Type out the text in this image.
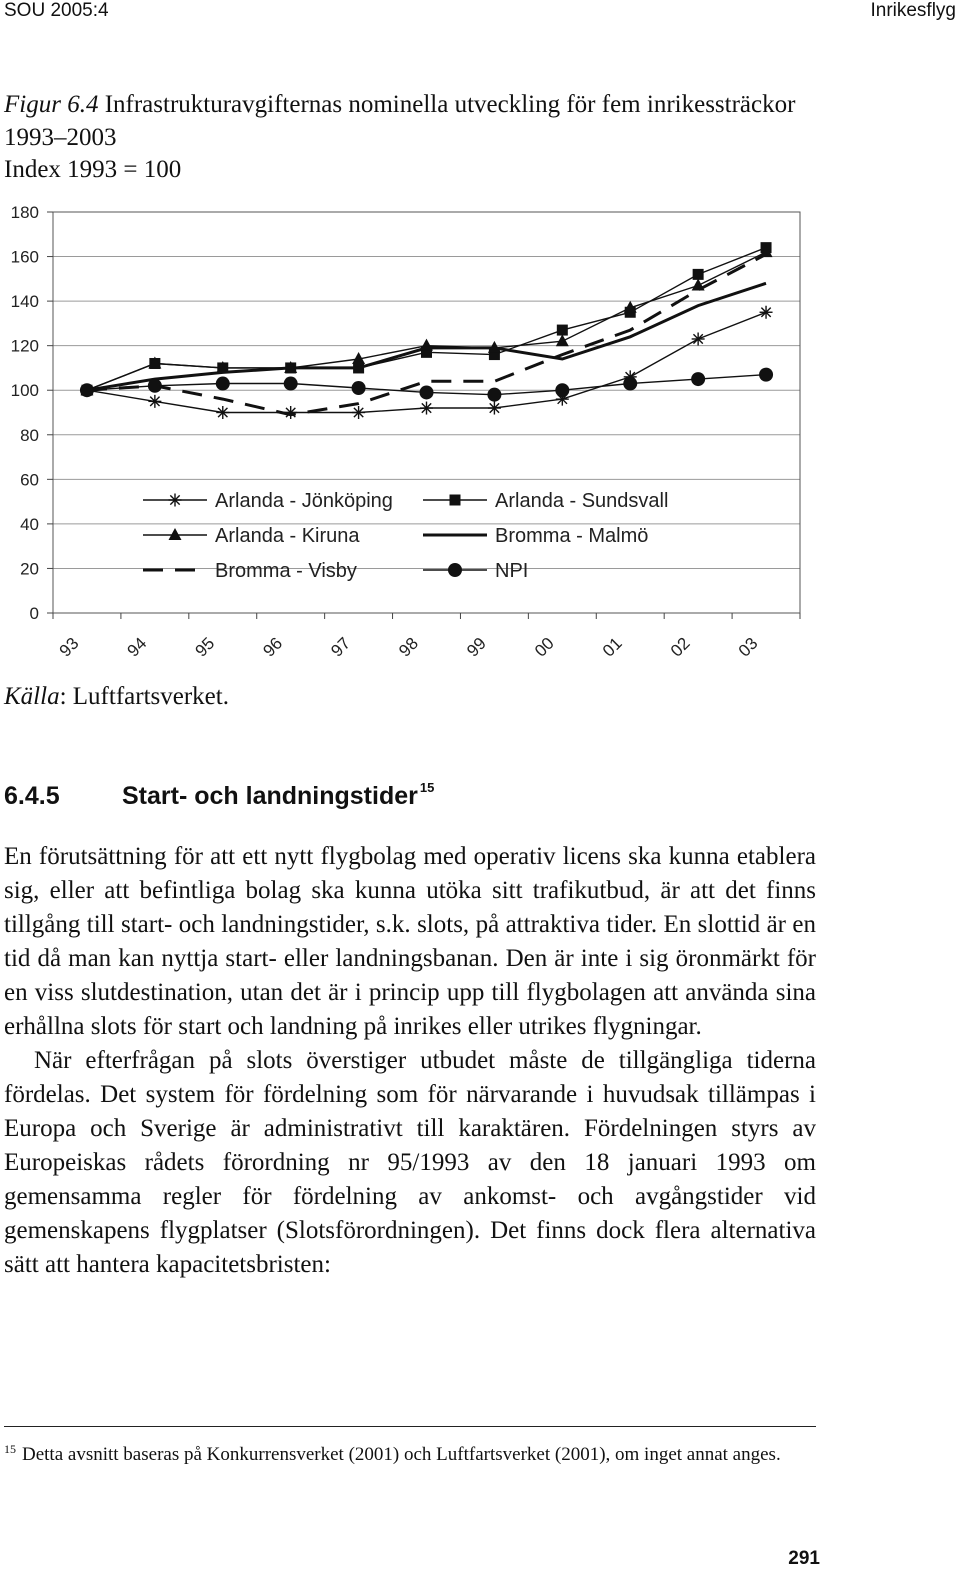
SOU 2005:4	Inrikesflyg
Figur 6.4 Infrastrukturavgifternas nominella utveckling för fem inrikessträckor 1993–2003
Index 1993 = 100
0
20
40
60
80
100
120
140
160
180
93 94 95 96 97 98 99 00 01 02 03
Arlanda - Jönköping	Arlanda - Sundsvall
Arlanda - Kiruna	Bromma - Malmö
Bromma - Visby	NPI
Källa: Luftfartsverket.
6.4.5 Start- och landningstider $^{15}$

En förutsättning för att ett nytt flygbolag med operativ licens ska kunna etablera sig, eller att befintliga bolag ska kunna utöka sitt trafikutbud, är att det finns tillgång till start- och landningstider, s.k. slots, på attraktiva tider. En slottid är en tid då man kan nyttja start- eller landningsbanan. Den är inte i sig öronmärkt för en viss slutdestination, utan det är i princip upp till flygbolagen att använda sina erhållna slots för start och landning på inrikes eller utrikes flygningar.

När efterfrågan på slots överstiger utbudet måste de tillgängliga tiderna fördelas. Det system för fördelning som för närvarande i huvudsak tillämpas i Europa och Sverige är administrativt till karaktären. Fördelningen styrs av Europeiskas rådets förordning nr 95/1993 av den 18 januari 1993 om gemensamma regler för fördelning av ankomst- och avgångstider vid gemenskapens flygplatser (Slotsförordningen). Det finns dock flera alternativa sätt att hantera kapacitetsbristen:

$^{15}$ Detta avsnitt baseras på Konkurrensverket (2001) och Luftfartsverket (2001), om inget annat anges.
291
